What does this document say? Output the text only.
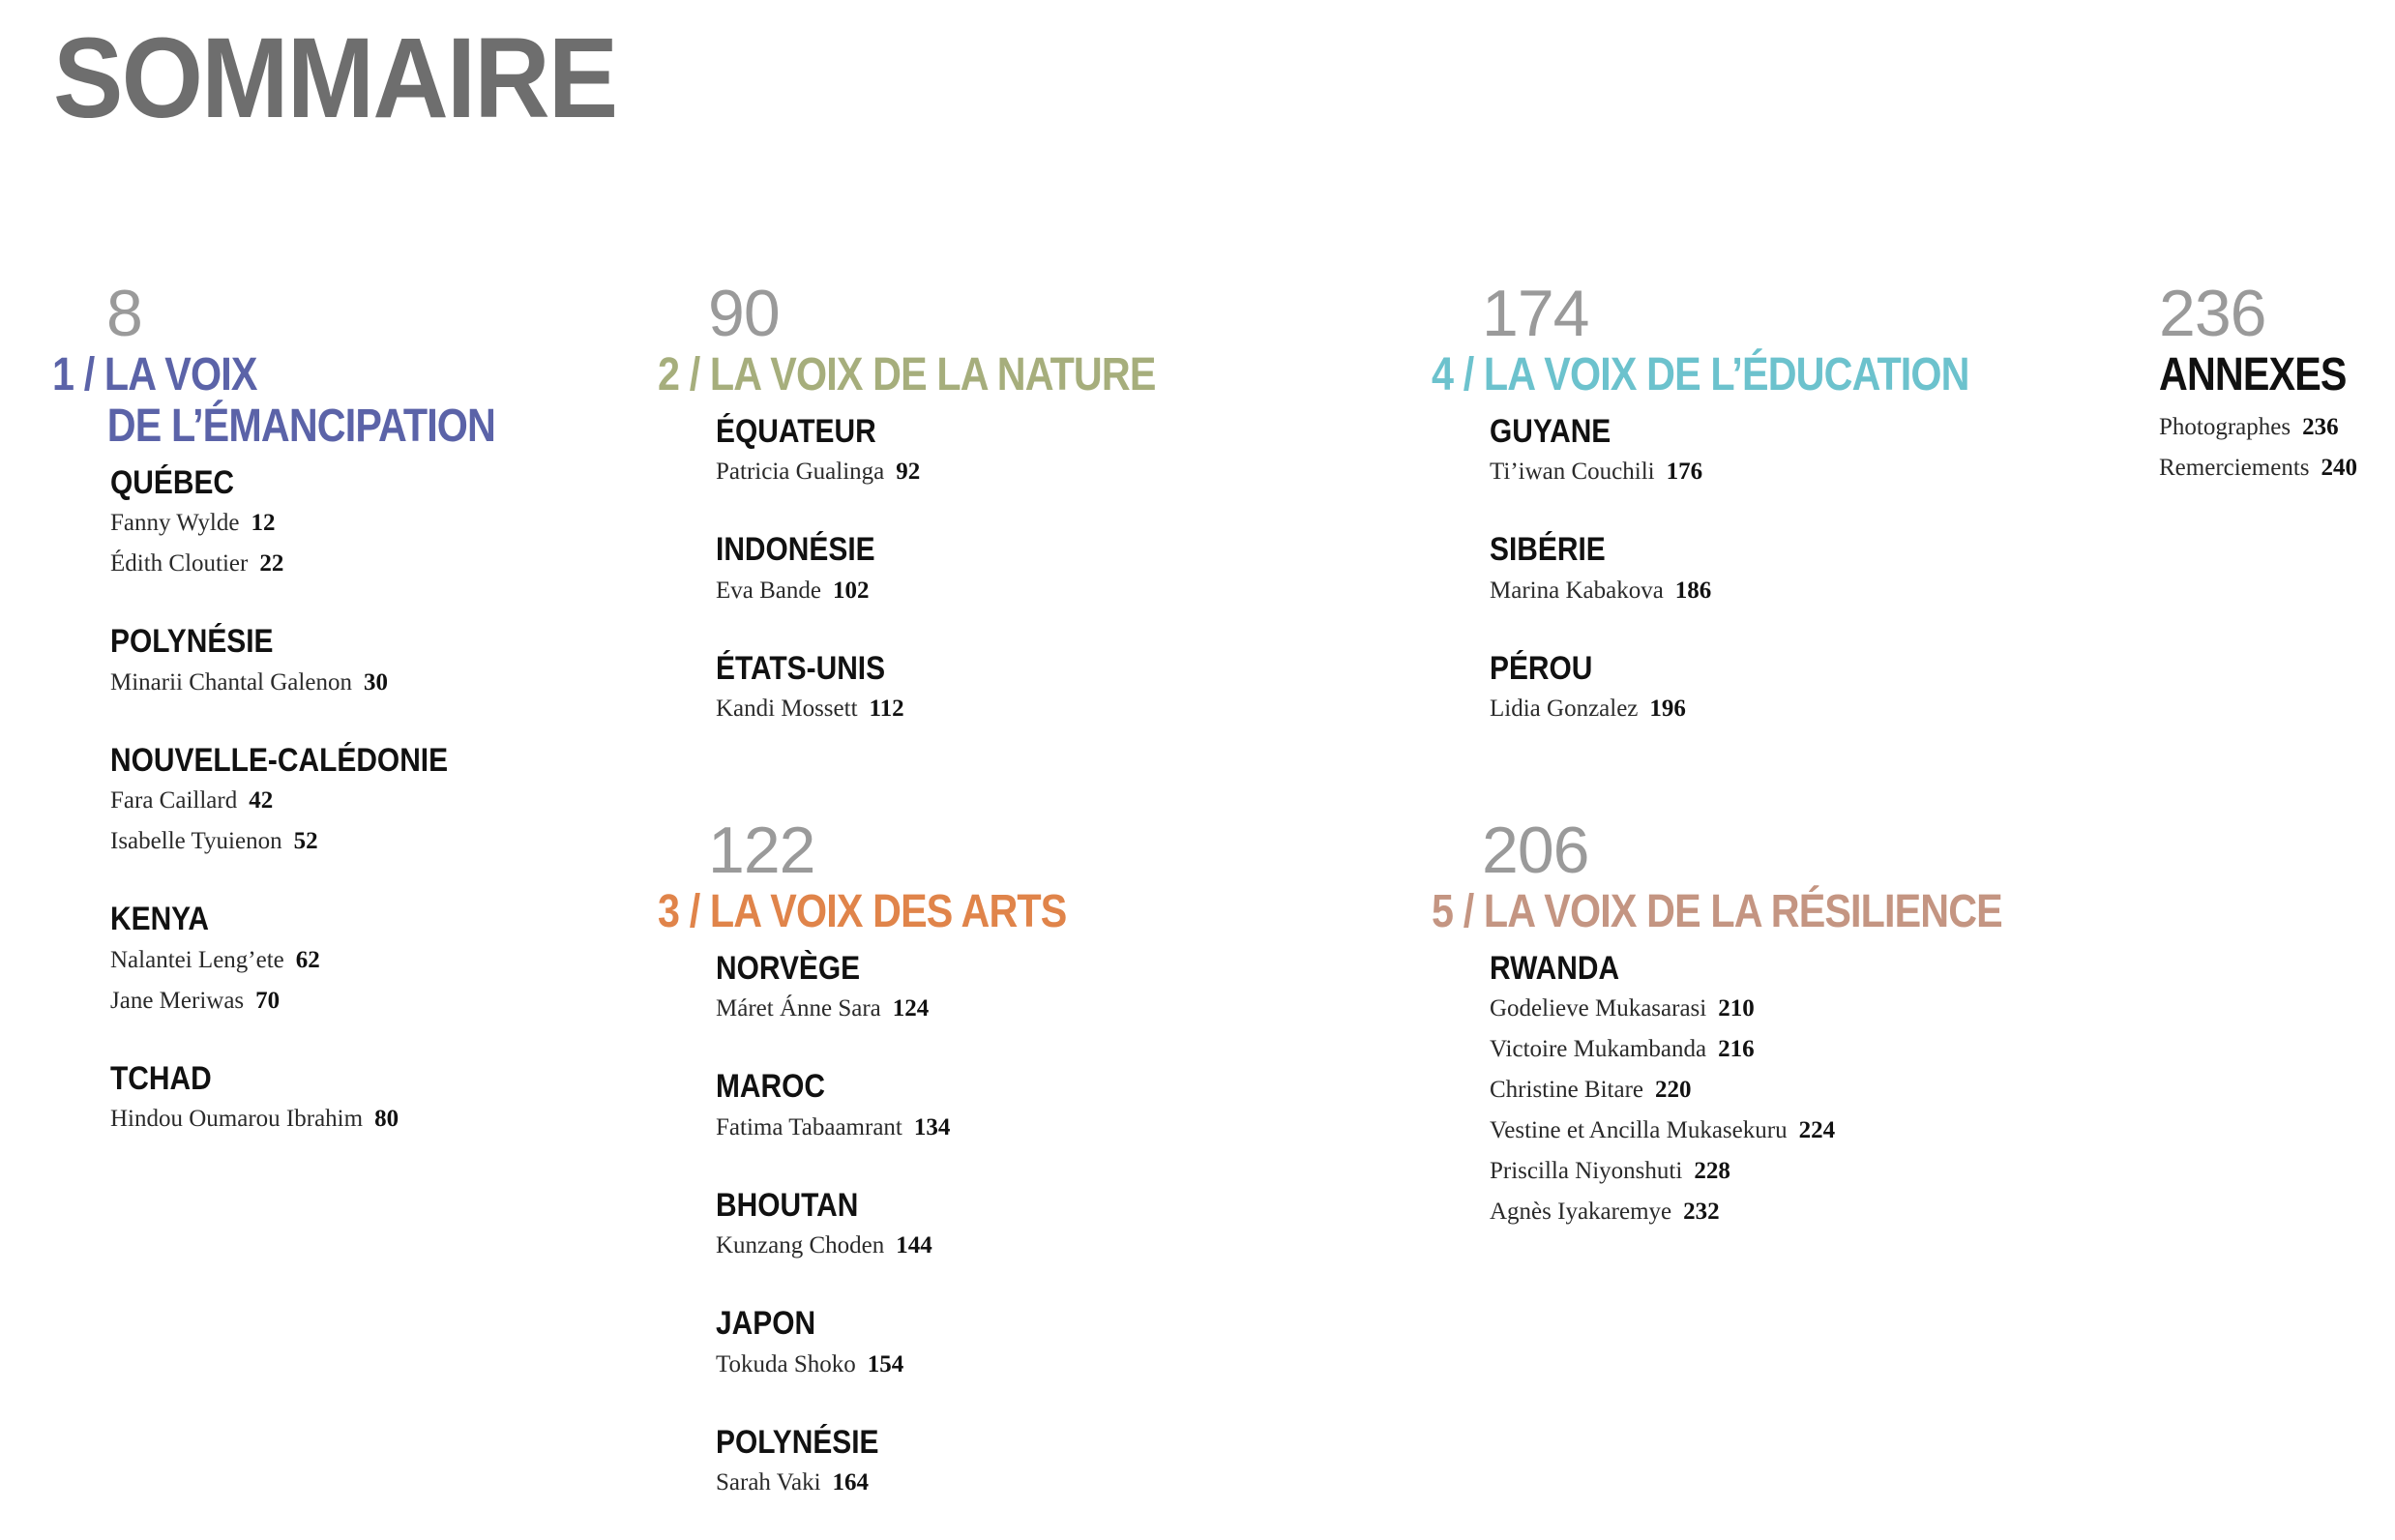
SOMMAIRE
8
1 / LA VOIX
DE L’ÉMANCIPATION
QUÉBEC
Fanny Wylde 12
Édith Cloutier 22
POLYNÉSIE
Minarii Chantal Galenon 30
NOUVELLE-CALÉDONIE
Fara Caillard 42
Isabelle Tyuienon 52
KENYA
Nalantei Leng’ete 62
Jane Meriwas 70
TCHAD
Hindou Oumarou Ibrahim 80
90
2 / LA VOIX DE LA NATURE
ÉQUATEUR
Patricia Gualinga 92
INDONÉSIE
Eva Bande 102
ÉTATS-UNIS
Kandi Mossett 112
122
3 / LA VOIX DES ARTS
NORVÈGE
Máret Ánne Sara 124
MAROC
Fatima Tabaamrant 134
BHOUTAN
Kunzang Choden 144
JAPON
Tokuda Shoko 154
POLYNÉSIE
Sarah Vaki 164
174
4 / LA VOIX DE L’ÉDUCATION
GUYANE
Ti’iwan Couchili 176
SIBÉRIE
Marina Kabakova 186
PÉROU
Lidia Gonzalez 196
206
5 / LA VOIX DE LA RÉSILIENCE
RWANDA
Godelieve Mukasarasi 210
Victoire Mukambanda 216
Christine Bitare 220
Vestine et Ancilla Mukasekuru 224
Priscilla Niyonshuti 228
Agnès Iyakaremye 232
236
ANNEXES
Photographes 236
Remerciements 240
